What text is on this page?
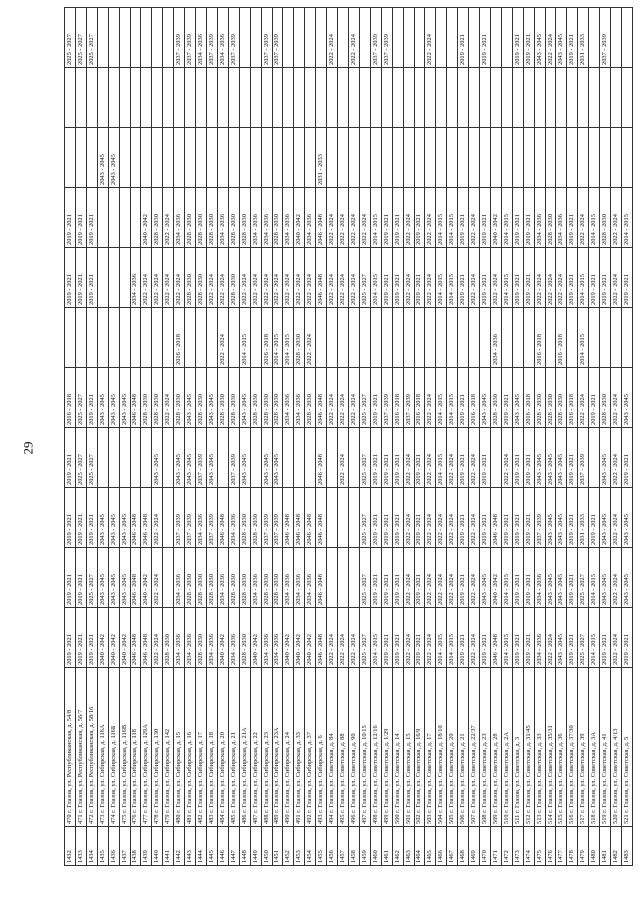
29
1432	470 г. Глазов, ул. Республиканская, д. 54/8	2019 - 2021	2019 - 2021	2019 - 2021	2019 - 2021	2016 - 2018		2019 - 2021	2019 - 2021			2025 - 2027
1433	471 г. Глазов, ул. Республиканская, д. 56/7	2019 - 2021	2019 - 2021	2019 - 2021	2025 - 2027	2025 - 2027		2019 - 2021	2019 - 2021			2025 - 2027
1434	472 г. Глазов, ул. Республиканская, д. 58/16	2019 - 2021	2025 - 2027	2019 - 2021	2025 - 2027	2019 - 2021		2019 - 2021	2019 - 2021			2025 - 2027
1435	473 г. Глазов, ул. Сибирская, д. 116А	2040 - 2042	2043 - 2045	2043 - 2045		2043 - 2045				2043 - 2045		
1436	474 г. Глазов, ул. Сибирская, д. 116Б	2040 - 2042	2043 - 2045	2043 - 2045		2043 - 2045				2043 - 2045		
1437	475 г. Глазов, ул. Сибирская, д. 116В	2040 - 2042	2043 - 2045	2043 - 2045		2043 - 2045						
1438	476 г. Глазов, ул. Сибирская, д. 118	2046 - 2048	2046 - 2048	2046 - 2048		2046 - 2048		2034 - 2036				
1439	477 г. Глазов, ул. Сибирская, д. 129А	2046 - 2048	2040 - 2042	2046 - 2048		2028 - 2030		2022 - 2024	2040 - 2042			
1440	478 г. Глазов, ул. Сибирская, д. 130	2022 - 2024	2022 - 2024	2022 - 2024	2043 - 2045	2028 - 2030		2022 - 2024	2028 - 2030			
1441	479 г. Глазов, ул. Сибирская, д. 142	2028 - 2030				2022 - 2024		2022 - 2024	2022 - 2024			
1442	480 г. Глазов, ул. Сибирская, д. 15	2034 - 2036	2034 - 2036	2037 - 2039	2043 - 2045	2028 - 2030	2016 - 2018	2022 - 2024	2034 - 2036			2037 - 2039
1443	481 г. Глазов, ул. Сибирская, д. 16	2034 - 2036	2028 - 2030	2037 - 2039	2043 - 2045	2043 - 2045		2028 - 2030	2028 - 2030			2037 - 2039
1444	482 г. Глазов, ул. Сибирская, д. 17	2028 - 2030	2028 - 2030	2034 - 2036	2037 - 2039	2028 - 2030		2028 - 2030	2028 - 2030			2034 - 2036
1445	483 г. Глазов, ул. Сибирская, д. 18	2034 - 2036	2028 - 2030	2037 - 2039	2043 - 2045	2043 - 2045		2022 - 2024	2028 - 2030			2037 - 2039
1446	484 г. Глазов, ул. Сибирская, д. 20	2040 - 2042	2034 - 2036	2046 - 2048		2028 - 2030	2022 - 2024	2022 - 2024	2034 - 2036			2034 - 2036
1447	485 г. Глазов, ул. Сибирская, д. 21	2034 - 2036	2028 - 2030	2034 - 2036	2037 - 2039	2028 - 2030		2028 - 2030	2028 - 2030			2037 - 2039
1448	486 г. Глазов, ул. Сибирская, д. 21А	2028 - 2030	2028 - 2030	2028 - 2030	2043 - 2045	2043 - 2045	2014 - 2015	2022 - 2024	2028 - 2030			
1449	487 г. Глазов, ул. Сибирская, д. 22	2040 - 2042	2034 - 2036	2028 - 2030		2028 - 2030		2022 - 2024	2034 - 2036			
1450	488 г. Глазов, ул. Сибирская, д. 23	2034 - 2036	2028 - 2030	2037 - 2039	2043 - 2045	2028 - 2030	2016 - 2018	2022 - 2024	2034 - 2036			2037 - 2039
1451	489 г. Глазов, ул. Сибирская, д. 23А	2034 - 2036	2028 - 2030	2037 - 2039	2043 - 2045	2028 - 2030	2014 - 2015	2022 - 2024	2028 - 2030			2037 - 2039
1452	490 г. Глазов, ул. Сибирская, д. 24	2040 - 2042	2034 - 2036	2046 - 2048		2034 - 2036	2014 - 2015	2022 - 2024	2034 - 2036			
1453	491 г. Глазов, ул. Сибирская, д. 33	2040 - 2042	2034 - 2036	2046 - 2048		2034 - 2036	2028 - 2030	2022 - 2024	2040 - 2042			
1454	492 г. Глазов, ул. Сибирская, д. 37	2040 - 2042	2034 - 2036	2046 - 2048		2028 - 2030	2022 - 2024	2022 - 2024	2034 - 2036			
1455	493 г. Глазов, ул. Сибирская, д. 6	2046 - 2048	2046 - 2048	2046 - 2048	2046 - 2048	2046 - 2048		2046 - 2048	2046 - 2048	2031 - 2033		
1456	494 г. Глазов, ул. Советская, д. 84	2022 - 2024				2022 - 2024		2022 - 2024	2022 - 2024			2022 - 2024
1457	495 г. Глазов, ул. Советская, д. 88	2022 - 2024			2022 - 2024	2022 - 2024		2022 - 2024	2022 - 2024			
1458	496 г. Глазов, ул. Советская, д. 90	2022 - 2024				2022 - 2024		2022 - 2024	2022 - 2024			2022 - 2024
1459	497 г. Глазов, ул. Советская, д. 10/15	2025 - 2027	2025 - 2027	2025 - 2027	2025 - 2027	2025 - 2027		2025 - 2027	2022 - 2024			
1460	498 г. Глазов, ул. Советская, д. 12/16	2014 - 2015	2019 - 2021	2019 - 2021	2019 - 2021	2019 - 2021		2014 - 2015	2014 - 2015			2037 - 2039
1461	499 г. Глазов, ул. Советская, д. 1/29	2019 - 2021	2019 - 2021	2019 - 2021	2019 - 2021	2037 - 2039		2019 - 2021	2019 - 2021			2037 - 2039
1462	500 г. Глазов, ул. Советская, д. 14	2019 - 2021	2019 - 2021	2019 - 2021	2019 - 2021	2016 - 2018		2019 - 2021	2019 - 2021			
1463	501 г. Глазов, ул. Советская, д. 15	2022 - 2024	2022 - 2024	2022 - 2024	2022 - 2024	2037 - 2039		2022 - 2024	2022 - 2024			
1464	502 г. Глазов, ул. Советская, д. 16/9	2019 - 2021	2019 - 2021	2019 - 2021	2019 - 2021	2016 - 2018		2019 - 2021	2019 - 2021			
1465	503 г. Глазов, ул. Советская, д. 17	2022 - 2024	2022 - 2024	2022 - 2024	2022 - 2024	2022 - 2024		2022 - 2024	2022 - 2024			2022 - 2024
1466	504 г. Глазов, ул. Советская, д. 18/10	2014 - 2015	2022 - 2024	2022 - 2024	2014 - 2015	2014 - 2015		2014 - 2015	2014 - 2015			
1467	505 г. Глазов, ул. Советская, д. 20	2014 - 2015	2022 - 2024	2022 - 2024	2022 - 2024	2014 - 2015		2014 - 2015	2014 - 2015			
1468	506 г. Глазов, ул. Советская, д. 21	2019 - 2021	2019 - 2021	2019 - 2021	2019 - 2021	2019 - 2021		2019 - 2021	2019 - 2021			2019 - 2021
1469	507 г. Глазов, ул. Советская, д. 22/37	2022 - 2024	2022 - 2024	2022 - 2024	2022 - 2024	2016 - 2018		2022 - 2024	2022 - 2024			
1470	508 г. Глазов, ул. Советская, д. 23	2019 - 2021	2043 - 2045	2019 - 2021	2019 - 2021	2043 - 2045		2019 - 2021	2019 - 2021			2019 - 2021
1471	509 г. Глазов, ул. Советская, д. 28	2046 - 2048	2040 - 2042	2046 - 2048		2028 - 2030	2034 - 2036	2022 - 2024	2040 - 2042			
1472	510 г. Глазов, ул. Советская, д. 2А	2014 - 2015	2014 - 2015	2019 - 2021	2022 - 2024	2019 - 2021		2014 - 2015	2014 - 2015			
1473	511 г. Глазов, ул. Советская, д. 3	2019 - 2021	2019 - 2021	2019 - 2021	2019 - 2021	2043 - 2045		2019 - 2021	2019 - 2021			2019 - 2021
1474	512 г. Глазов, ул. Советская, д. 31/45	2019 - 2021	2019 - 2021	2019 - 2021	2019 - 2021	2016 - 2018		2019 - 2021	2019 - 2021			2019 - 2021
1475	513 г. Глазов, ул. Советская, д. 33	2034 - 2036	2034 - 2036	2037 - 2039	2043 - 2045	2028 - 2030	2016 - 2018	2022 - 2024	2034 - 2036			2043 - 2045
1476	514 г. Глазов, ул. Советская, д. 35/31	2022 - 2024	2043 - 2045	2043 - 2045	2043 - 2045	2028 - 2030		2022 - 2024	2028 - 2030			2022 - 2024
1477	515 г. Глазов, ул. Советская, д. 36	2043 - 2045	2043 - 2045	2043 - 2045	2043 - 2045	2028 - 2030	2016 - 2018	2022 - 2024	2034 - 2036			2043 - 2045
1478	516 г. Глазов, ул. Советская, д. 37/30	2019 - 2021	2019 - 2021	2019 - 2021	2019 - 2021	2016 - 2018		2019 - 2021	2019 - 2021			2019 - 2021
1479	517 г. Глазов, ул. Советская, д. 39	2025 - 2027	2025 - 2027	2031 - 2033	2037 - 2039	2022 - 2024	2014 - 2015	2014 - 2015	2022 - 2024			2031 - 2033
1480	518 г. Глазов, ул. Советская, д. 3А	2014 - 2015	2014 - 2015	2019 - 2021		2019 - 2021		2019 - 2021	2014 - 2015			
1481	519 г. Глазов, ул. Советская, д. 41	2019 - 2021	2043 - 2045	2043 - 2045	2043 - 2045	2028 - 2030		2019 - 2021	2028 - 2030			2037 - 2039
1482	520 г. Глазов, ул. Советская, д. 4/13	2022 - 2024	2022 - 2024	2022 - 2024	2022 - 2024	2022 - 2024		2022 - 2024	2022 - 2024			
1483	521 г. Глазов, ул. Советская, д. 5	2019 - 2021	2043 - 2045	2043 - 2045	2019 - 2021	2043 - 2045		2019 - 2021	2014 - 2015			
